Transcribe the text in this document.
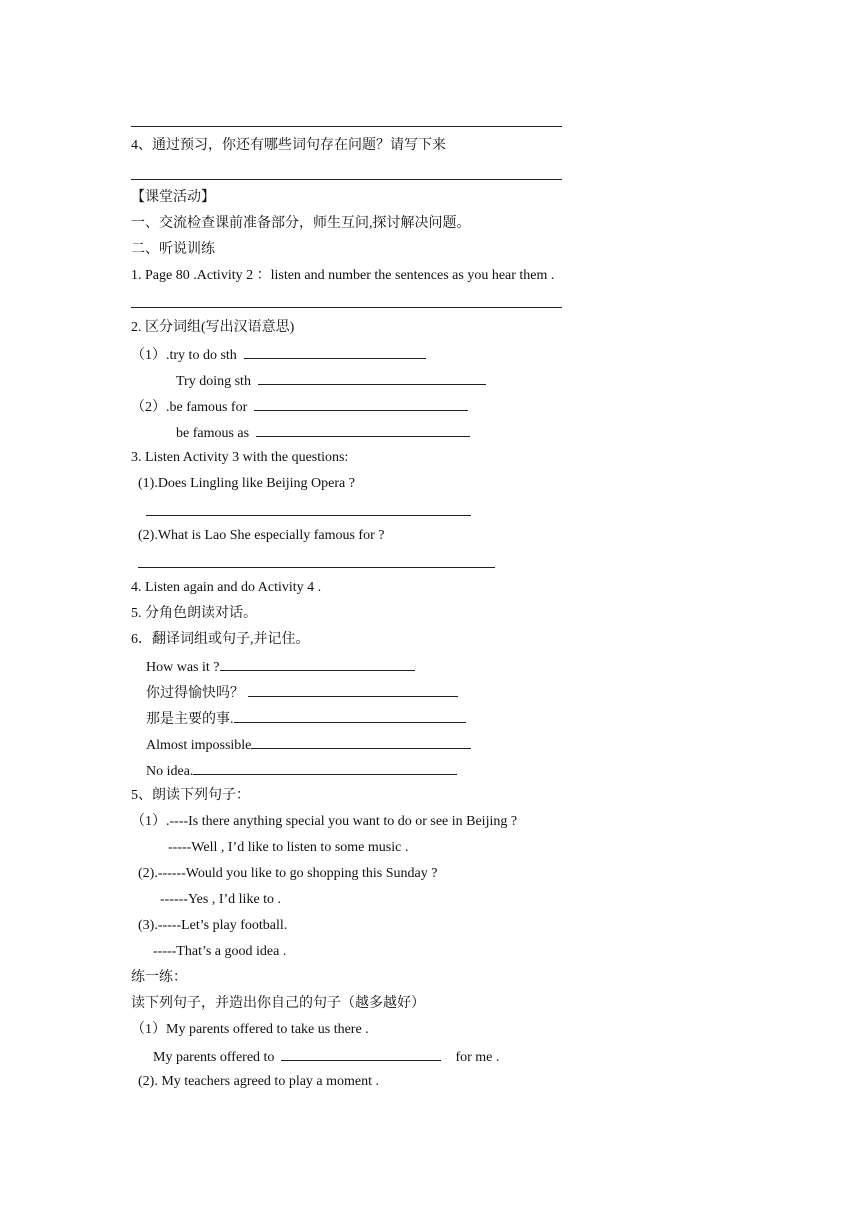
4、通过预习，你还有哪些词句存在问题？请写下来
【课堂活动】
一、交流检查课前准备部分，师生互问,探讨解决问题。
二、听说训练
1. Page 80 .Activity 2 ：listen and number the sentences as you hear them .
2. 区分词组(写出汉语意思)
（1）.try to do sth
Try doing sth
（2）.be famous for
be famous as
3. Listen Activity 3 with the questions:
(1).Does Lingling like Beijing Opera ?
(2).What is Lao She especially famous for ?
4. Listen again and do Activity 4 .
5. 分角色朗读对话。
6．翻译词组或句子,并记住。
How was it ?
你过得愉快吗？
那是主要的事.
Almost impossible
No idea.
5、朗读下列句子：
（1）.----Is there anything special you want to do or see in Beijing ?
-----Well , I’d like to listen to some music .
(2).------Would you like to go shopping this Sunday ?
------Yes , I’d like to .
(3).-----Let’s play football.
-----That’s a good idea .
练一练：
读下列句子，并造出你自己的句子（越多越好）
（1）My parents offered to take us there .
My parents offered to	for me .
(2). My teachers agreed to play a moment .
